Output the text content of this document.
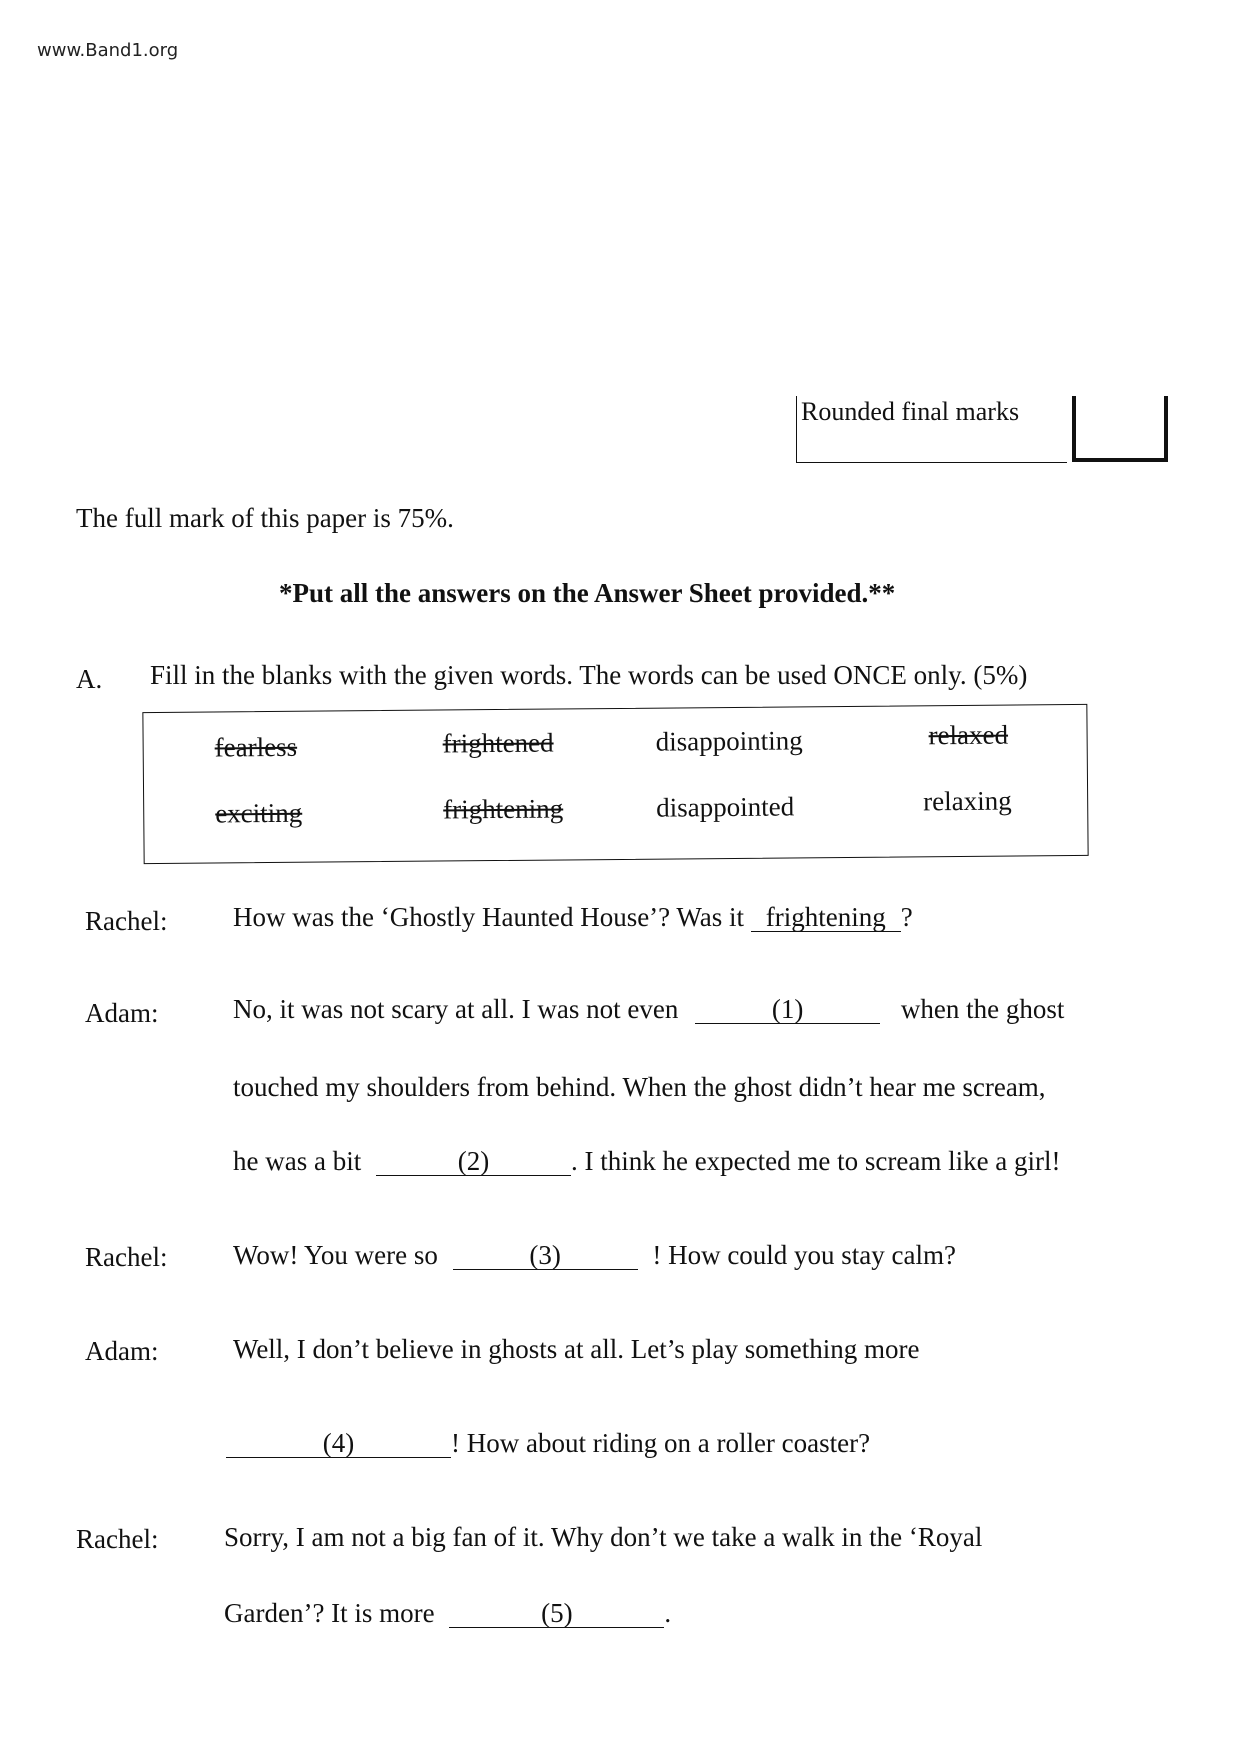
www.Band1.org
Rounded final marks
The full mark of this paper is 75%.
*Put all the answers on the Answer Sheet provided.**
A. Fill in the blanks with the given words. The words can be used ONCE only. (5%)
fearless	frightened	disappointing	relaxed
exciting	frightening	disappointed	relaxing
Rachel: How was the ‘Ghostly Haunted House’? Was it frightening ?
Adam:	No, it was not scary at all. I was not even	(1)	when the ghost
touched my shoulders from behind. When the ghost didn’t hear me scream,
he was a bit	(2)	. I think he expected me to scream like a girl!
Rachel: Wow! You were so	(3)	! How could you stay calm?
Adam:	Well, I don’t believe in ghosts at all. Let’s play something more
(4)	! How about riding on a roller coaster?
Rachel: Sorry, I am not a big fan of it. Why don’t we take a walk in the ‘Royal
Garden’? It is more	(5)	.
